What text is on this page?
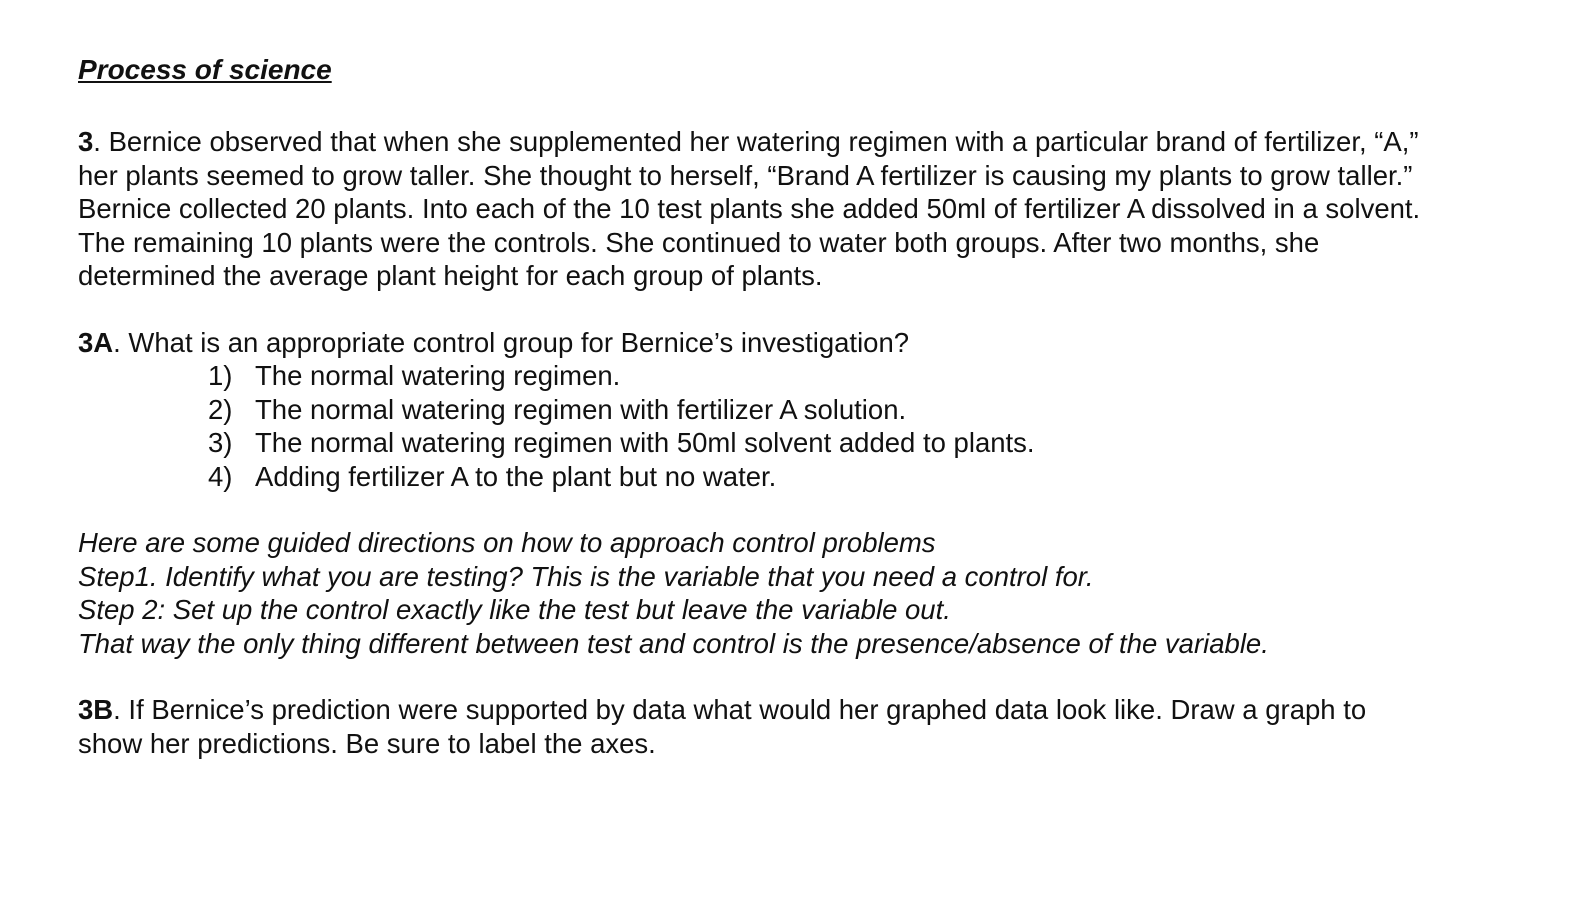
Process of science
3. Bernice observed that when she supplemented her watering regimen with a particular brand of fertilizer, “A,”
her plants seemed to grow taller. She thought to herself, “Brand A fertilizer is causing my plants to grow taller.”
Bernice collected 20 plants. Into each of the 10 test plants she added 50ml of fertilizer A dissolved in a solvent.
The remaining 10 plants were the controls. She continued to water both groups. After two months, she
determined the average plant height for each group of plants.
3A. What is an appropriate control group for Bernice’s investigation?
1) The normal watering regimen.
2) The normal watering regimen with fertilizer A solution.
3) The normal watering regimen with 50ml solvent added to plants.
4) Adding fertilizer A to the plant but no water.
Here are some guided directions on how to approach control problems
Step1. Identify what you are testing? This is the variable that you need a control for.
Step 2: Set up the control exactly like the test but leave the variable out.
That way the only thing different between test and control is the presence/absence of the variable.
3B. If Bernice’s prediction were supported by data what would her graphed data look like. Draw a graph to
show her predictions. Be sure to label the axes.
